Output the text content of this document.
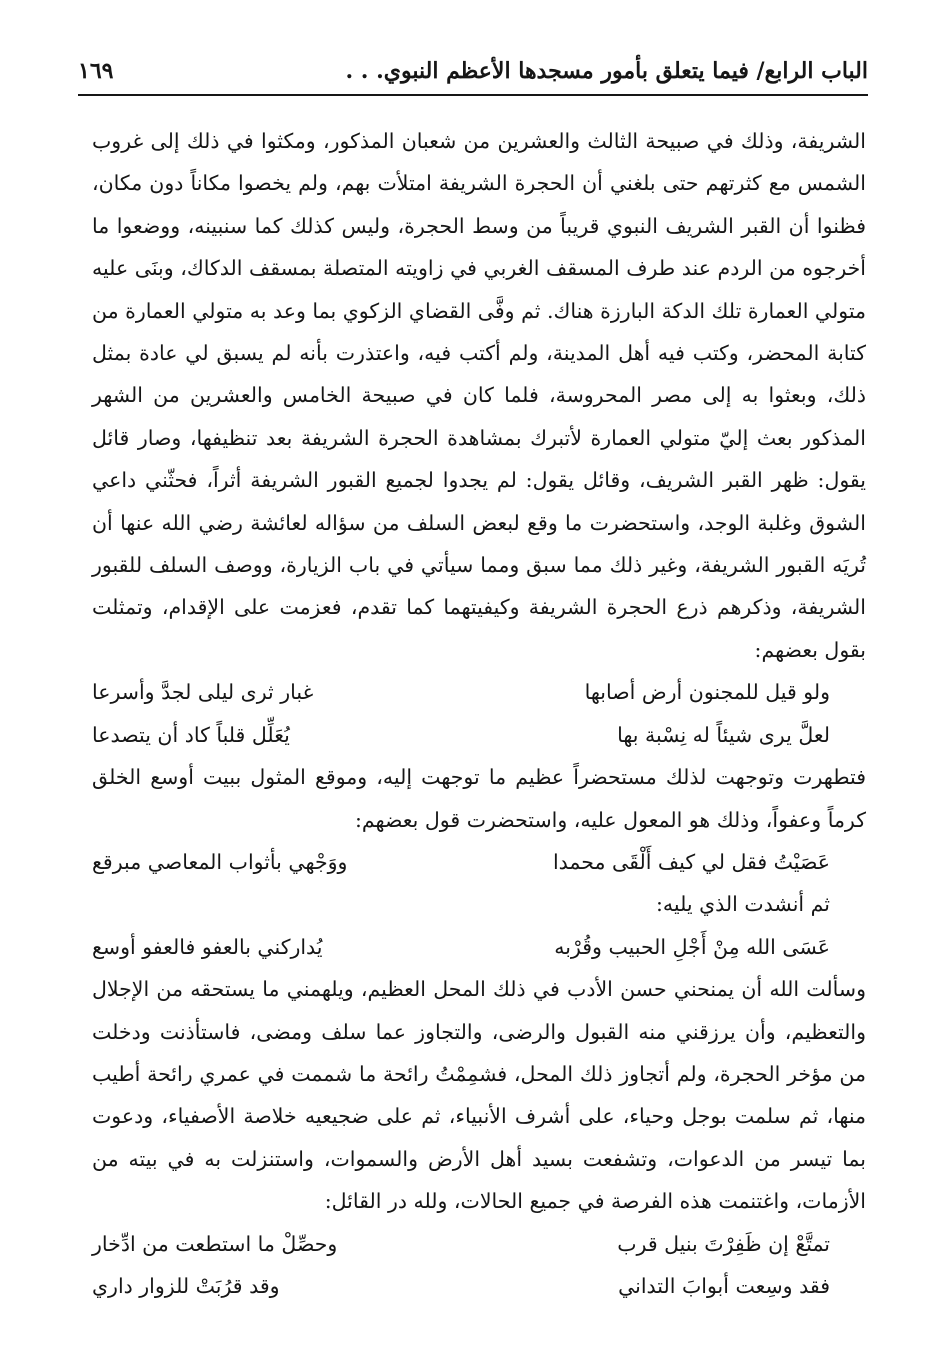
الباب الرابع/ فيما يتعلق بأمور مسجدها الأعظم النبوي. . .
١٦٩

الشريفة، وذلك في صبيحة الثالث والعشرين من شعبان المذكور، ومكثوا في ذلك إلى غروب الشمس مع كثرتهم حتى بلغني أن الحجرة الشريفة امتلأت بهم، ولم يخصوا مكاناً دون مكان، فظنوا أن القبر الشريف النبوي قريباً من وسط الحجرة، وليس كذلك كما سنبينه، ووضعوا ما أخرجوه من الردم عند طرف المسقف الغربي في زاويته المتصلة بمسقف الدكاك، وبنَى عليه متولي العمارة تلك الدكة البارزة هناك. ثم وفَّى القضاي الزكوي بما وعد به متولي العمارة من كتابة المحضر، وكتب فيه أهل المدينة، ولم أكتب فيه، واعتذرت بأنه لم يسبق لي عادة بمثل ذلك، وبعثوا به إلى مصر المحروسة، فلما كان في صبيحة الخامس والعشرين من الشهر المذكور بعث إليّ متولي العمارة لأتبرك بمشاهدة الحجرة الشريفة بعد تنظيفها، وصار قائل يقول: ظهر القبر الشريف، وقائل يقول: لم يجدوا لجميع القبور الشريفة أثراً، فحثّني داعي الشوق وغلبة الوجد، واستحضرت ما وقع لبعض السلف من سؤاله لعائشة رضي الله عنها أن تُريَه القبور الشريفة، وغير ذلك مما سبق ومما سيأتي في باب الزيارة، ووصف السلف للقبور الشريفة، وذكرهم ذرع الحجرة الشريفة وكيفيتهما كما تقدم، فعزمت على الإقدام، وتمثلت بقول بعضهم:

ولو قيل للمجنون أرض أصابها
غبار ثرى ليلى لجدَّ وأسرعا
لعلَّ يرى شيئاً له نِسْبة بها
يُعَلِّل قلباً كاد أن يتصدعا

فتطهرت وتوجهت لذلك مستحضراً عظيم ما توجهت إليه، وموقع المثول ببيت أوسع الخلق كرماً وعفواً، وذلك هو المعول عليه، واستحضرت قول بعضهم:

عَصَيْتُ فقل لي كيف أَلْقَى محمدا
ووَجْهي بأثواب المعاصي مبرقع

ثم أنشدت الذي يليه:

عَسَى الله مِنْ أَجْلِ الحبيب وقُرْبه
يُداركني بالعفو فالعفو أوسع

وسألت الله أن يمنحني حسن الأدب في ذلك المحل العظيم، ويلهمني ما يستحقه من الإجلال والتعظيم، وأن يرزقني منه القبول والرضى، والتجاوز عما سلف ومضى، فاستأذنت ودخلت من مؤخر الحجرة، ولم أتجاوز ذلك المحل، فشمِمْتُ رائحة ما شممت في عمري رائحة أطيب منها، ثم سلمت بوجل وحياء، على أشرف الأنبياء، ثم على ضجيعيه خلاصة الأصفياء، ودعوت بما تيسر من الدعوات، وتشفعت بسيد أهل الأرض والسموات، واستنزلت به في بيته من الأزمات، واغتنمت هذه الفرصة في جميع الحالات، ولله در القائل:

تمتَّعْ إن ظَفِرْتَ بنيل قرب
وحصِّلْ ما استطعت من ادِّخار
فقد وسِعت أبوابَ التداني
وقد قرُبَتْ للزوار داري
